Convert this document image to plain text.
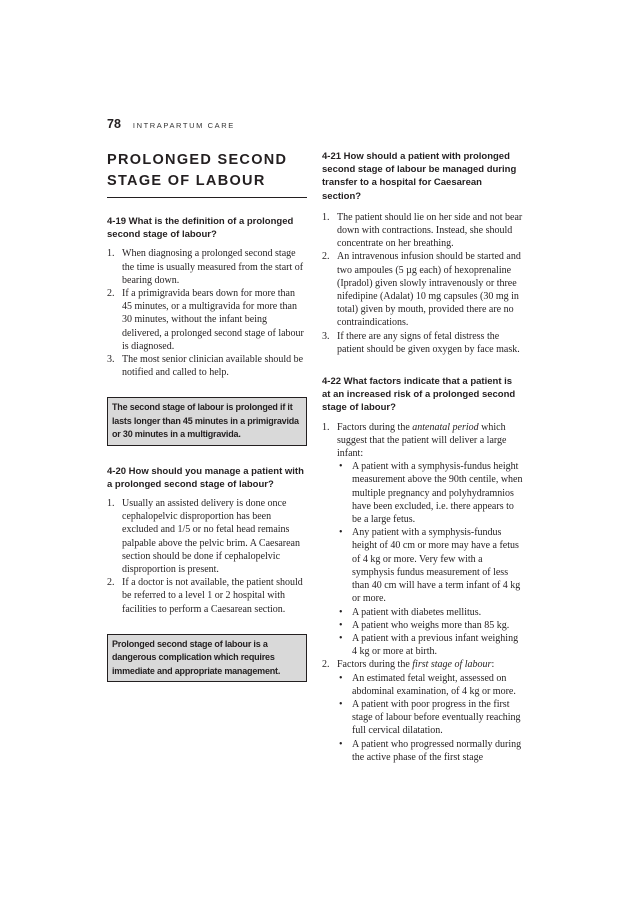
78 INTRAPARTUM CARE
PROLONGED SECOND STAGE OF LABOUR
4-19 What is the definition of a prolonged second stage of labour?
1. When diagnosing a prolonged second stage the time is usually measured from the start of bearing down.
2. If a primigravida bears down for more than 45 minutes, or a multigravida for more than 30 minutes, without the infant being delivered, a prolonged second stage of labour is diagnosed.
3. The most senior clinician available should be notified and called to help.
The second stage of labour is prolonged if it lasts longer than 45 minutes in a primigravida or 30 minutes in a multigravida.
4-20 How should you manage a patient with a prolonged second stage of labour?
1. Usually an assisted delivery is done once cephalopelvic disproportion has been excluded and 1/5 or no fetal head remains palpable above the pelvic brim. A Caesarean section should be done if cephalopelvic disproportion is present.
2. If a doctor is not available, the patient should be referred to a level 1 or 2 hospital with facilities to perform a Caesarean section.
Prolonged second stage of labour is a dangerous complication which requires immediate and appropriate management.
4-21 How should a patient with prolonged second stage of labour be managed during transfer to a hospital for Caesarean section?
1. The patient should lie on her side and not bear down with contractions. Instead, she should concentrate on her breathing.
2. An intravenous infusion should be started and two ampoules (5 µg each) of hexoprenaline (Ipradol) given slowly intravenously or three nifedipine (Adalat) 10 mg capsules (30 mg in total) given by mouth, provided there are no contraindications.
3. If there are any signs of fetal distress the patient should be given oxygen by face mask.
4-22 What factors indicate that a patient is at an increased risk of a prolonged second stage of labour?
1. Factors during the antenatal period which suggest that the patient will deliver a large infant:
• A patient with a symphysis-fundus height measurement above the 90th centile, when multiple pregnancy and polyhydramnios have been excluded, i.e. there appears to be a large fetus.
• Any patient with a symphysis-fundus height of 40 cm or more may have a fetus of 4 kg or more. Very few with a symphysis fundus measurement of less than 40 cm will have a term infant of 4 kg or more.
• A patient with diabetes mellitus.
• A patient who weighs more than 85 kg.
• A patient with a previous infant weighing 4 kg or more at birth.
2. Factors during the first stage of labour:
• An estimated fetal weight, assessed on abdominal examination, of 4 kg or more.
• A patient with poor progress in the first stage of labour before eventually reaching full cervical dilatation.
• A patient who progressed normally during the active phase of the first stage
